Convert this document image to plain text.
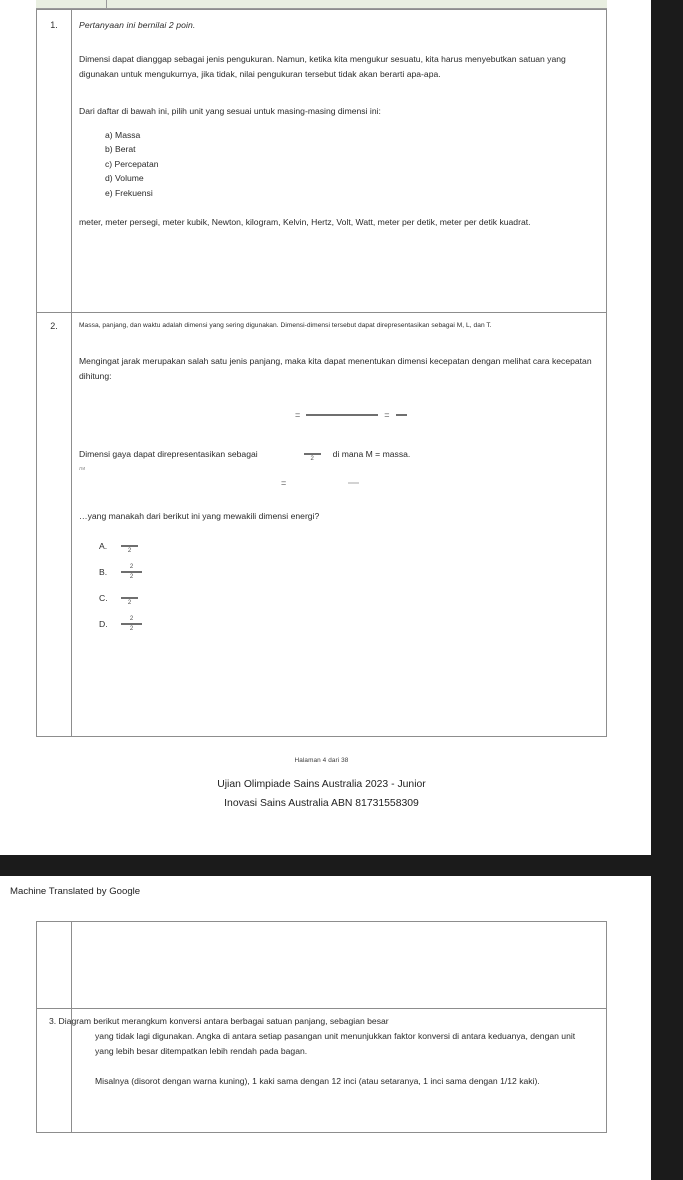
1.	Pertanyaan ini bernilai 2 poin.
Dimensi dapat dianggap sebagai jenis pengukuran. Namun, ketika kita mengukur sesuatu, kita harus menyebutkan satuan yang digunakan untuk mengukurnya, jika tidak, nilai pengukuran tersebut tidak akan berarti apa-apa.
Dari daftar di bawah ini, pilih unit yang sesuai untuk masing-masing dimensi ini:
a) Massa
b) Berat
c) Percepatan
d) Volume
e) Frekuensi
meter, meter persegi, meter kubik, Newton, kilogram, Kelvin, Hertz, Volt, Watt, meter per detik, meter per detik kuadrat.
2.	Massa, panjang, dan waktu adalah dimensi yang sering digunakan. Dimensi-dimensi tersebut dapat direpresentasikan sebagai M, L, dan T.
Mengingat jarak merupakan salah satu jenis panjang, maka kita dapat menentukan dimensi kecepatan dengan melihat cara kecepatan dihitung:
=	=
Dimensi gaya dapat direpresentasikan sebagai
2
di mana M = massa.
ли
=
…yang manakah dari berikut ini yang mewakili dimensi energi?
A.	2
B.	$\frac{2}{2}$
C.	2
D.	$\frac{2}{2}$
Halaman 4 dari 38
Ujian Olimpiade Sains Australia 2023 - Junior
Inovasi Sains Australia ABN 81731558309
Machine Translated by Google
3. Diagram berikut merangkum konversi antara berbagai satuan panjang, sebagian besar
yang tidak lagi digunakan. Angka di antara setiap pasangan unit menunjukkan faktor konversi di antara keduanya, dengan unit yang lebih besar ditempatkan lebih rendah pada bagan.
Misalnya (disorot dengan warna kuning), 1 kaki sama dengan 12 inci (atau setaranya, 1 inci sama dengan 1/12 kaki).
